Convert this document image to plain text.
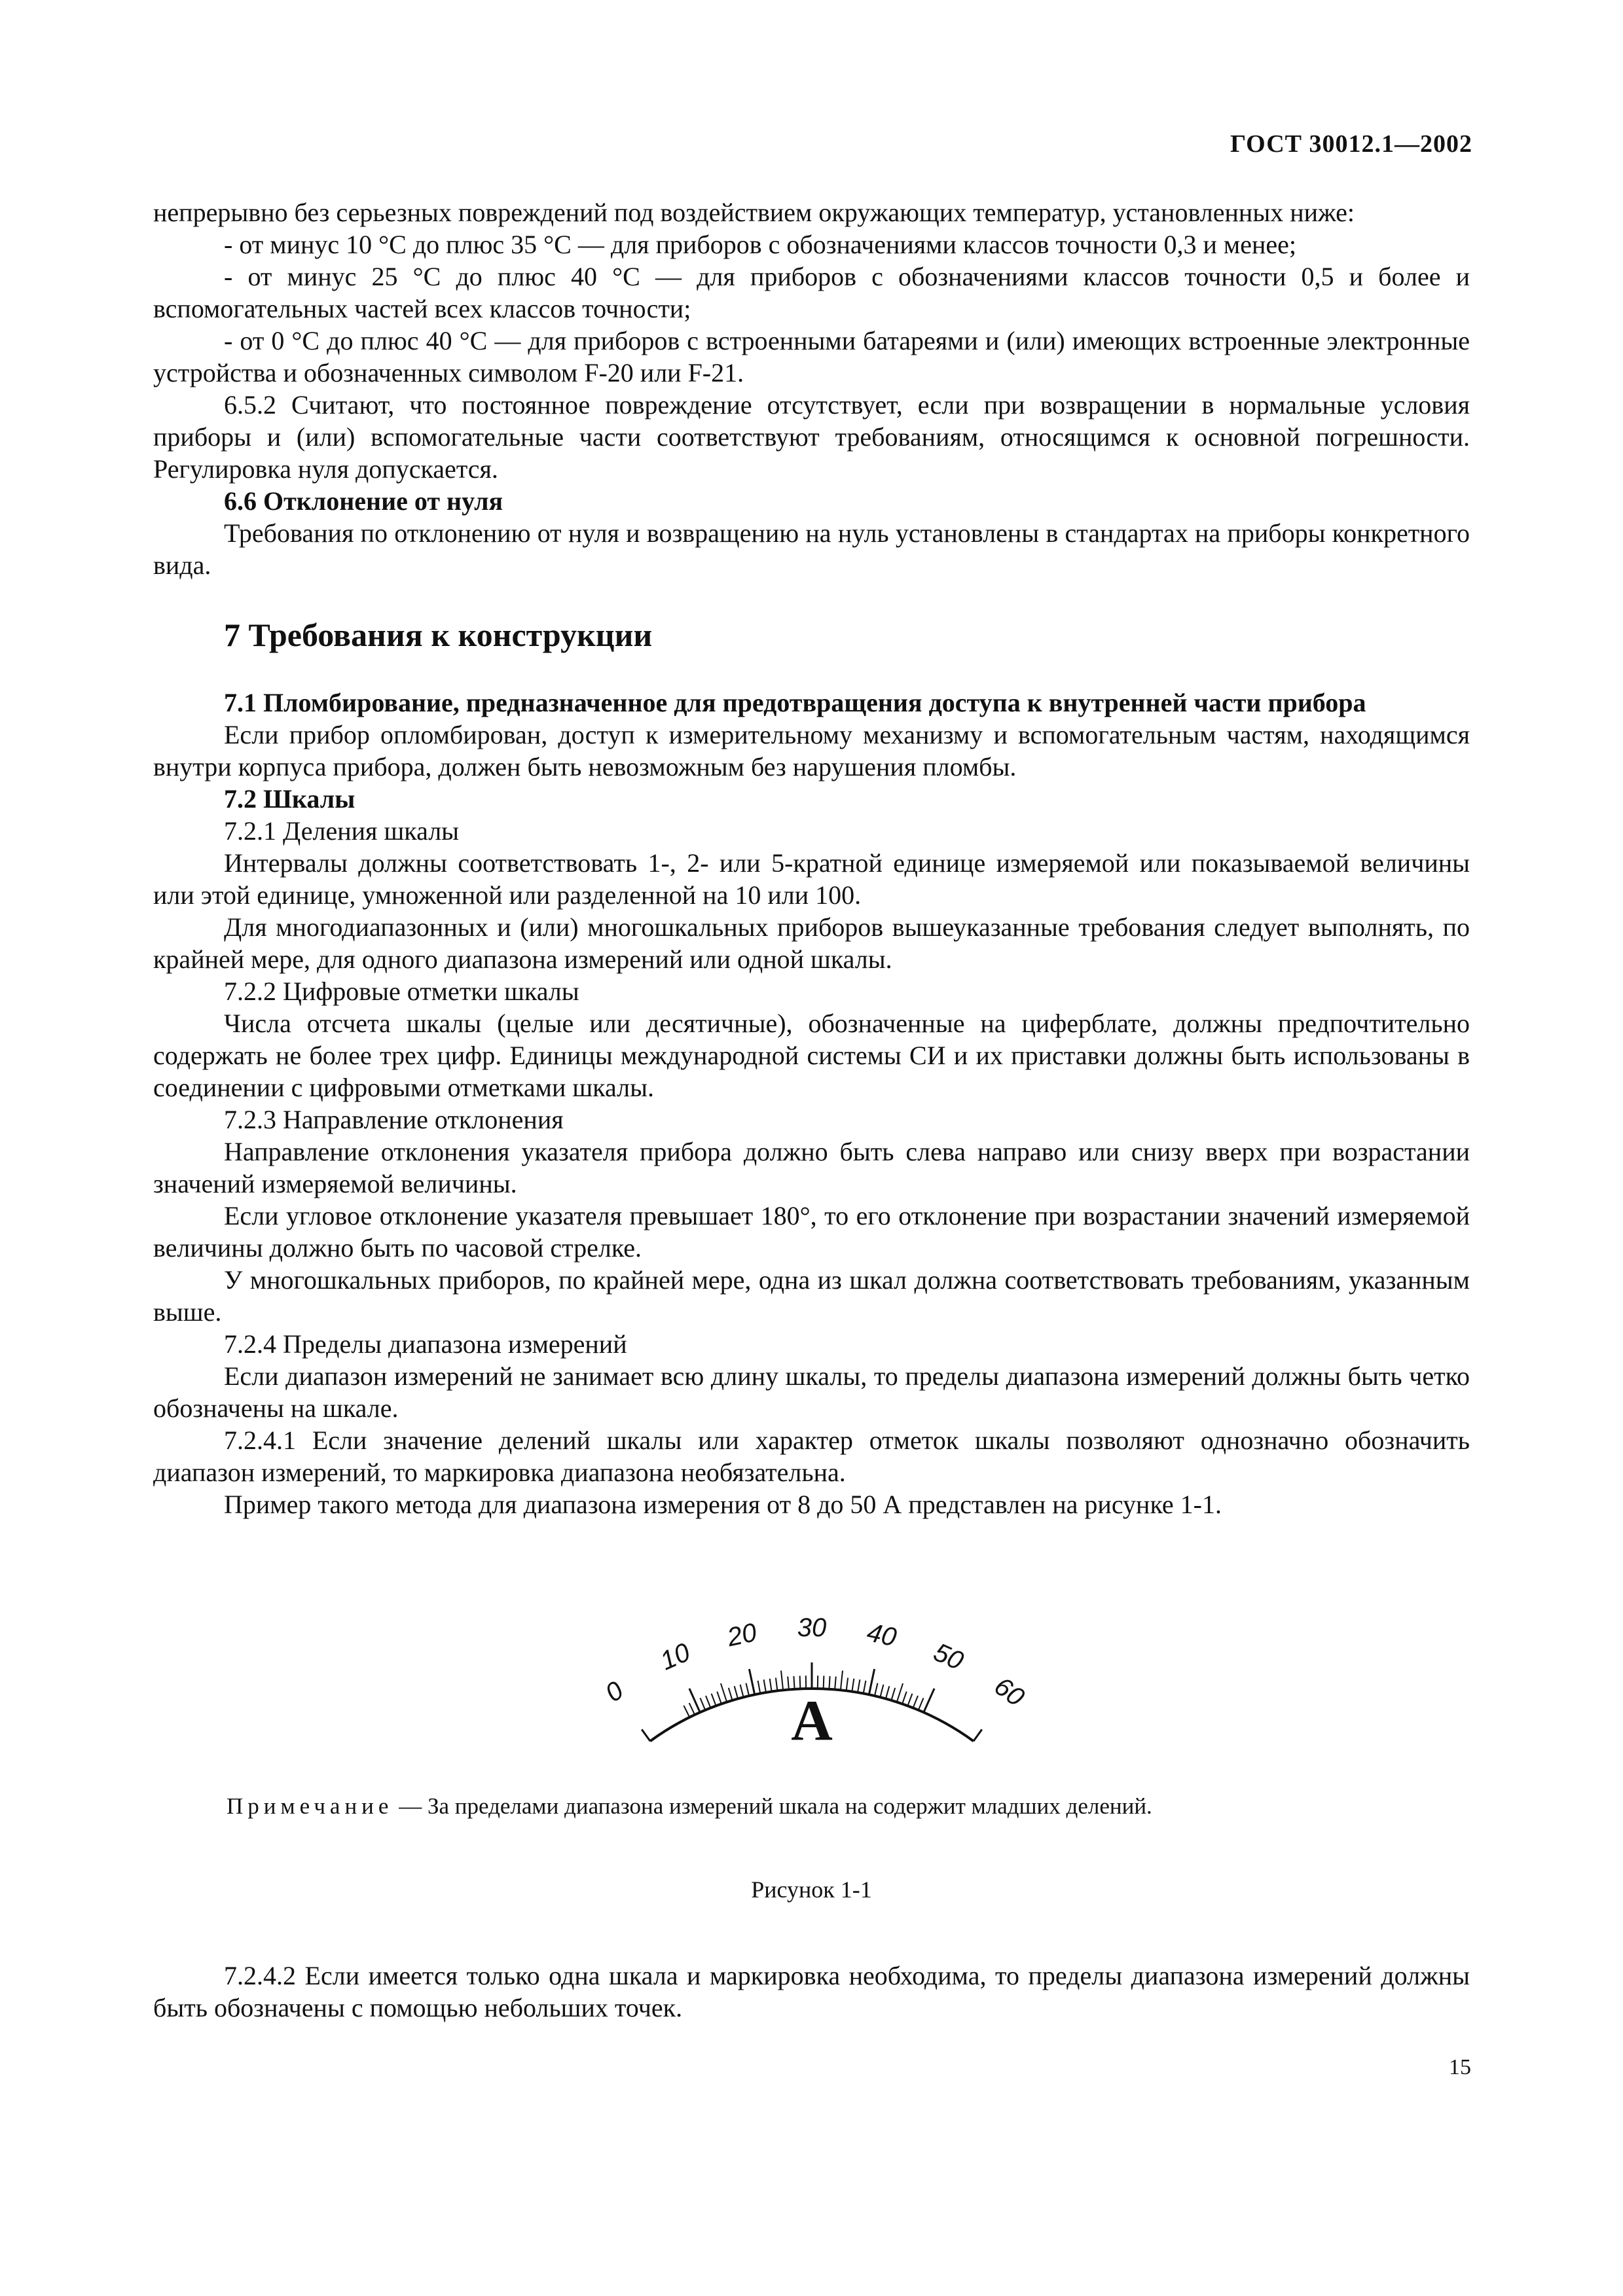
ГОСТ 30012.1—2002

непрерывно без серьезных повреждений под воздействием окружающих температур, установленных ниже:

- от минус 10 °С до плюс 35 °С — для приборов с обозначениями классов точности 0,3 и менее;

- от минус 25 °С до плюс 40 °С — для приборов с обозначениями классов точности 0,5 и более и вспомогательных частей всех классов точности;

- от 0 °С до плюс 40 °С — для приборов с встроенными батареями и (или) имеющих встроенные электронные устройства и обозначенных символом F-20 или F-21.

6.5.2 Считают, что постоянное повреждение отсутствует, если при возвращении в нормальные условия приборы и (или) вспомогательные части соответствуют требованиям, относящимся к основной погрешности. Регулировка нуля допускается.

6.6 Отклонение от нуля

Требования по отклонению от нуля и возвращению на нуль установлены в стандартах на приборы конкретного вида.

7 Требования к конструкции

7.1 Пломбирование, предназначенное для предотвращения доступа к внутренней части прибора

Если прибор опломбирован, доступ к измерительному механизму и вспомогательным частям, находящимся внутри корпуса прибора, должен быть невозможным без нарушения пломбы.

7.2 Шкалы

7.2.1 Деления шкалы

Интервалы должны соответствовать 1-, 2- или 5-кратной единице измеряемой или показываемой величины или этой единице, умноженной или разделенной на 10 или 100.

Для многодиапазонных и (или) многошкальных приборов вышеуказанные требования следует выполнять, по крайней мере, для одного диапазона измерений или одной шкалы.

7.2.2 Цифровые отметки шкалы

Числа отсчета шкалы (целые или десятичные), обозначенные на циферблате, должны предпочтительно содержать не более трех цифр. Единицы международной системы СИ и их приставки должны быть использованы в соединении с цифровыми отметками шкалы.

7.2.3 Направление отклонения

Направление отклонения указателя прибора должно быть слева направо или снизу вверх при возрастании значений измеряемой величины.

Если угловое отклонение указателя превышает 180°, то его отклонение при возрастании значений измеряемой величины должно быть по часовой стрелке.

У многошкальных приборов, по крайней мере, одна из шкал должна соответствовать требованиям, указанным выше.

7.2.4 Пределы диапазона измерений

Если диапазон измерений не занимает всю длину шкалы, то пределы диапазона измерений должны быть четко обозначены на шкале.

7.2.4.1 Если значение делений шкалы или характер отметок шкалы позволяют однозначно обозначить диапазон измерений, то маркировка диапазона необязательна.

Пример такого метода для диапазона измерения от 8 до 50 А представлен на рисунке 1-1.

0
10
20 30 40
50
60
А
Примечание — За пределами диапазона измерений шкала на содержит младших делений.
Рисунок 1-1

7.2.4.2 Если имеется только одна шкала и маркировка необходима, то пределы диапазона измерений должны быть обозначены с помощью небольших точек.

15
